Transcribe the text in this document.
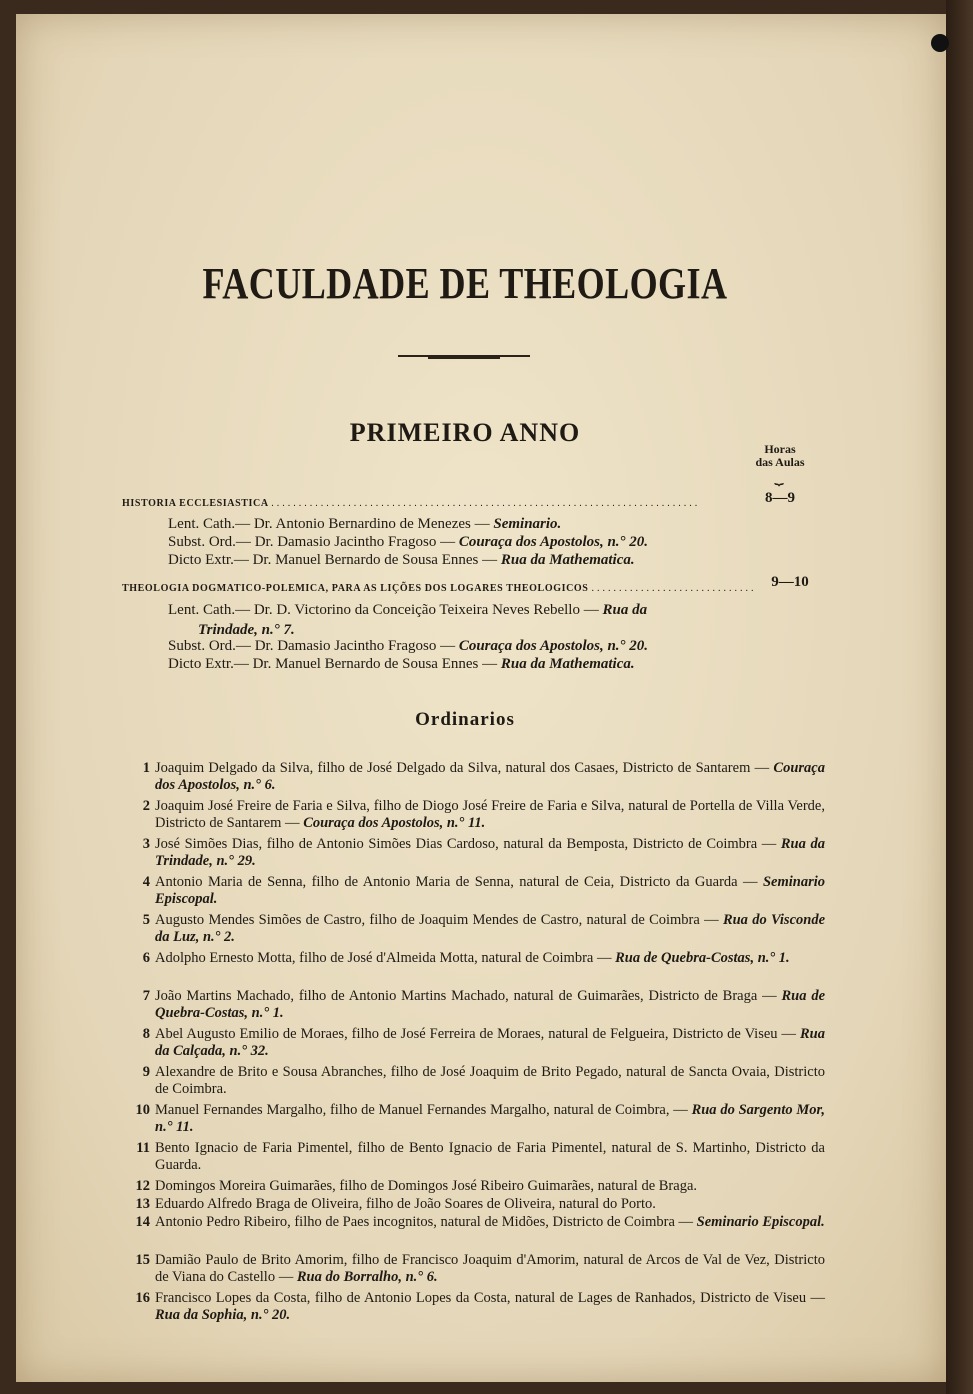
FACULDADE DE THEOLOGIA
PRIMEIRO ANNO
Horas
das Aulas
⏟
HISTORIA ECCLESIASTICA ..............................................................................	8—9
Lent. Cath.— Dr. Antonio Bernardino de Menezes — Seminario.
Subst. Ord.— Dr. Damasio Jacintho Fragoso — Couraça dos Apostolos, n.° 20.
Dicto Extr.— Dr. Manuel Bernardo de Sousa Ennes — Rua da Mathematica.
THEOLOGIA DOGMATICO-POLEMICA, PARA AS LIÇÕES DOS LOGARES THEOLOGICOS .............................. 9—10
Lent. Cath.— Dr. D. Victorino da Conceição Teixeira Neves Rebello — Rua da
Trindade, n.° 7.
Subst. Ord.— Dr. Damasio Jacintho Fragoso — Couraça dos Apostolos, n.° 20.
Dicto Extr.— Dr. Manuel Bernardo de Sousa Ennes — Rua da Mathematica.
Ordinarios
1 Joaquim Delgado da Silva, filho de José Delgado da Silva, natural dos Casaes, Districto de Santarem — Couraça dos Apostolos, n.° 6.
2 Joaquim José Freire de Faria e Silva, filho de Diogo José Freire de Faria e Silva, natural de Portella de Villa Verde, Districto de Santarem — Couraça dos Apostolos, n.° 11.
3 José Simões Dias, filho de Antonio Simões Dias Cardoso, natural da Bemposta, Districto de Coimbra — Rua da Trindade, n.° 29.
4 Antonio Maria de Senna, filho de Antonio Maria de Senna, natural de Ceia, Districto da Guarda — Seminario Episcopal.
5 Augusto Mendes Simões de Castro, filho de Joaquim Mendes de Castro, natural de Coimbra — Rua do Visconde da Luz, n.° 2.
6 Adolpho Ernesto Motta, filho de José d'Almeida Motta, natural de Coimbra — Rua de Quebra-Costas, n.° 1.
7 João Martins Machado, filho de Antonio Martins Machado, natural de Guimarães, Districto de Braga — Rua de Quebra-Costas, n.° 1.
8 Abel Augusto Emilio de Moraes, filho de José Ferreira de Moraes, natural de Felgueira, Districto de Viseu — Rua da Calçada, n.° 32.
9 Alexandre de Brito e Sousa Abranches, filho de José Joaquim de Brito Pegado, natural de Sancta Ovaia, Districto de Coimbra.
10 Manuel Fernandes Margalho, filho de Manuel Fernandes Margalho, natural de Coimbra, — Rua do Sargento Mor, n.° 11.
11 Bento Ignacio de Faria Pimentel, filho de Bento Ignacio de Faria Pimentel, natural de S. Martinho, Districto da Guarda.
12 Domingos Moreira Guimarães, filho de Domingos José Ribeiro Guimarães, natural de Braga.
13 Eduardo Alfredo Braga de Oliveira, filho de João Soares de Oliveira, natural do Porto.
14 Antonio Pedro Ribeiro, filho de Paes incognitos, natural de Midões, Districto de Coimbra — Seminario Episcopal.
15 Damião Paulo de Brito Amorim, filho de Francisco Joaquim d'Amorim, natural de Arcos de Val de Vez, Districto de Viana do Castello — Rua do Borralho, n.° 6.
16 Francisco Lopes da Costa, filho de Antonio Lopes da Costa, natural de Lages de Ranhados, Districto de Viseu — Rua da Sophia, n.° 20.
